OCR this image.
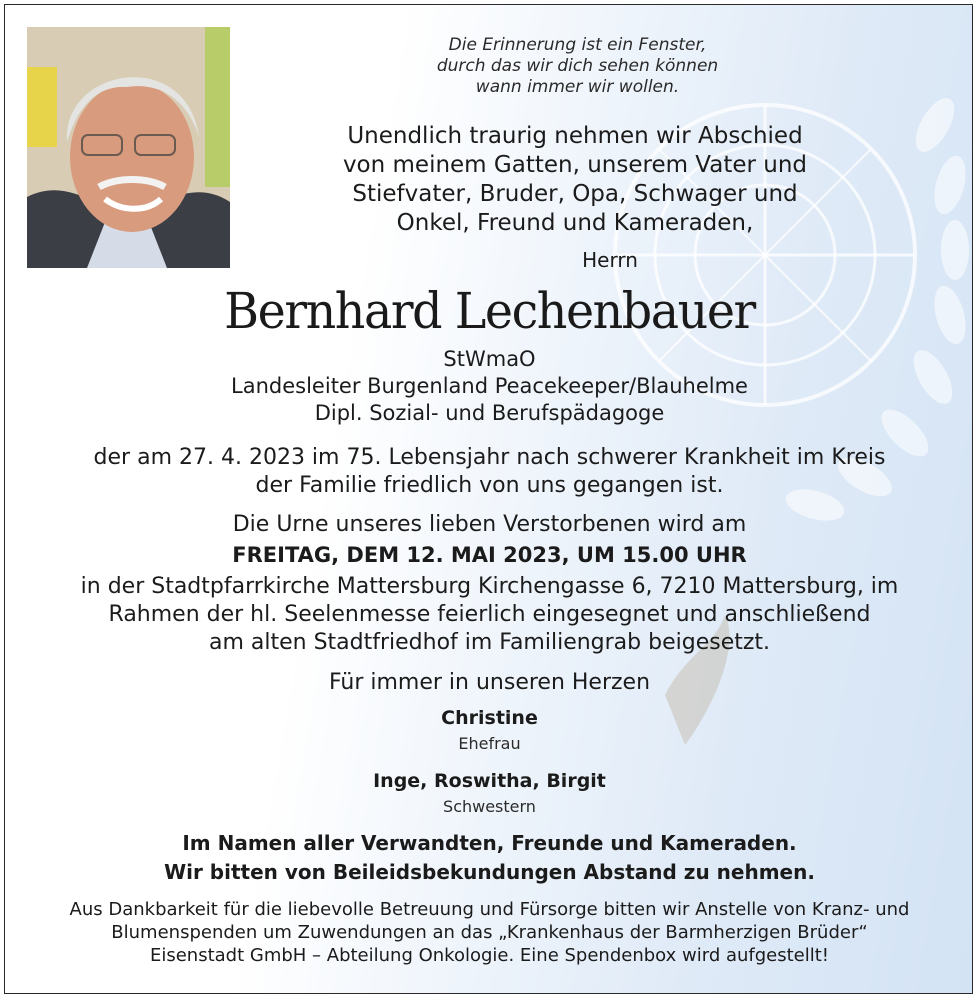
Die Erinnerung ist ein Fenster,
durch das wir dich sehen können
wann immer wir wollen.
Unendlich traurig nehmen wir Abschied
von meinem Gatten, unserem Vater und
Stiefvater, Bruder, Opa, Schwager und
Onkel, Freund und Kameraden,
Herrn
Bernhard Lechenbauer
StWmaO
Landesleiter Burgenland Peacekeeper/Blauhelme
Dipl. Sozial- und Berufspädagoge
der am 27. 4. 2023 im 75. Lebensjahr nach schwerer Krankheit im Kreis
der Familie friedlich von uns gegangen ist.
Die Urne unseres lieben Verstorbenen wird am
FREITAG, DEM 12. MAI 2023, UM 15.00 UHR
in der Stadtpfarrkirche Mattersburg Kirchengasse 6, 7210 Mattersburg, im
Rahmen der hl. Seelenmesse feierlich eingesegnet und anschließend
am alten Stadtfriedhof im Familiengrab beigesetzt.
Für immer in unseren Herzen
Christine
Ehefrau
Inge, Roswitha, Birgit
Schwestern
Im Namen aller Verwandten, Freunde und Kameraden.
Wir bitten von Beileidsbekundungen Abstand zu nehmen.
Aus Dankbarkeit für die liebevolle Betreuung und Fürsorge bitten wir Anstelle von Kranz- und
Blumenspenden um Zuwendungen an das „Krankenhaus der Barmherzigen Brüder“
Eisenstadt GmbH – Abteilung Onkologie. Eine Spendenbox wird aufgestellt!
